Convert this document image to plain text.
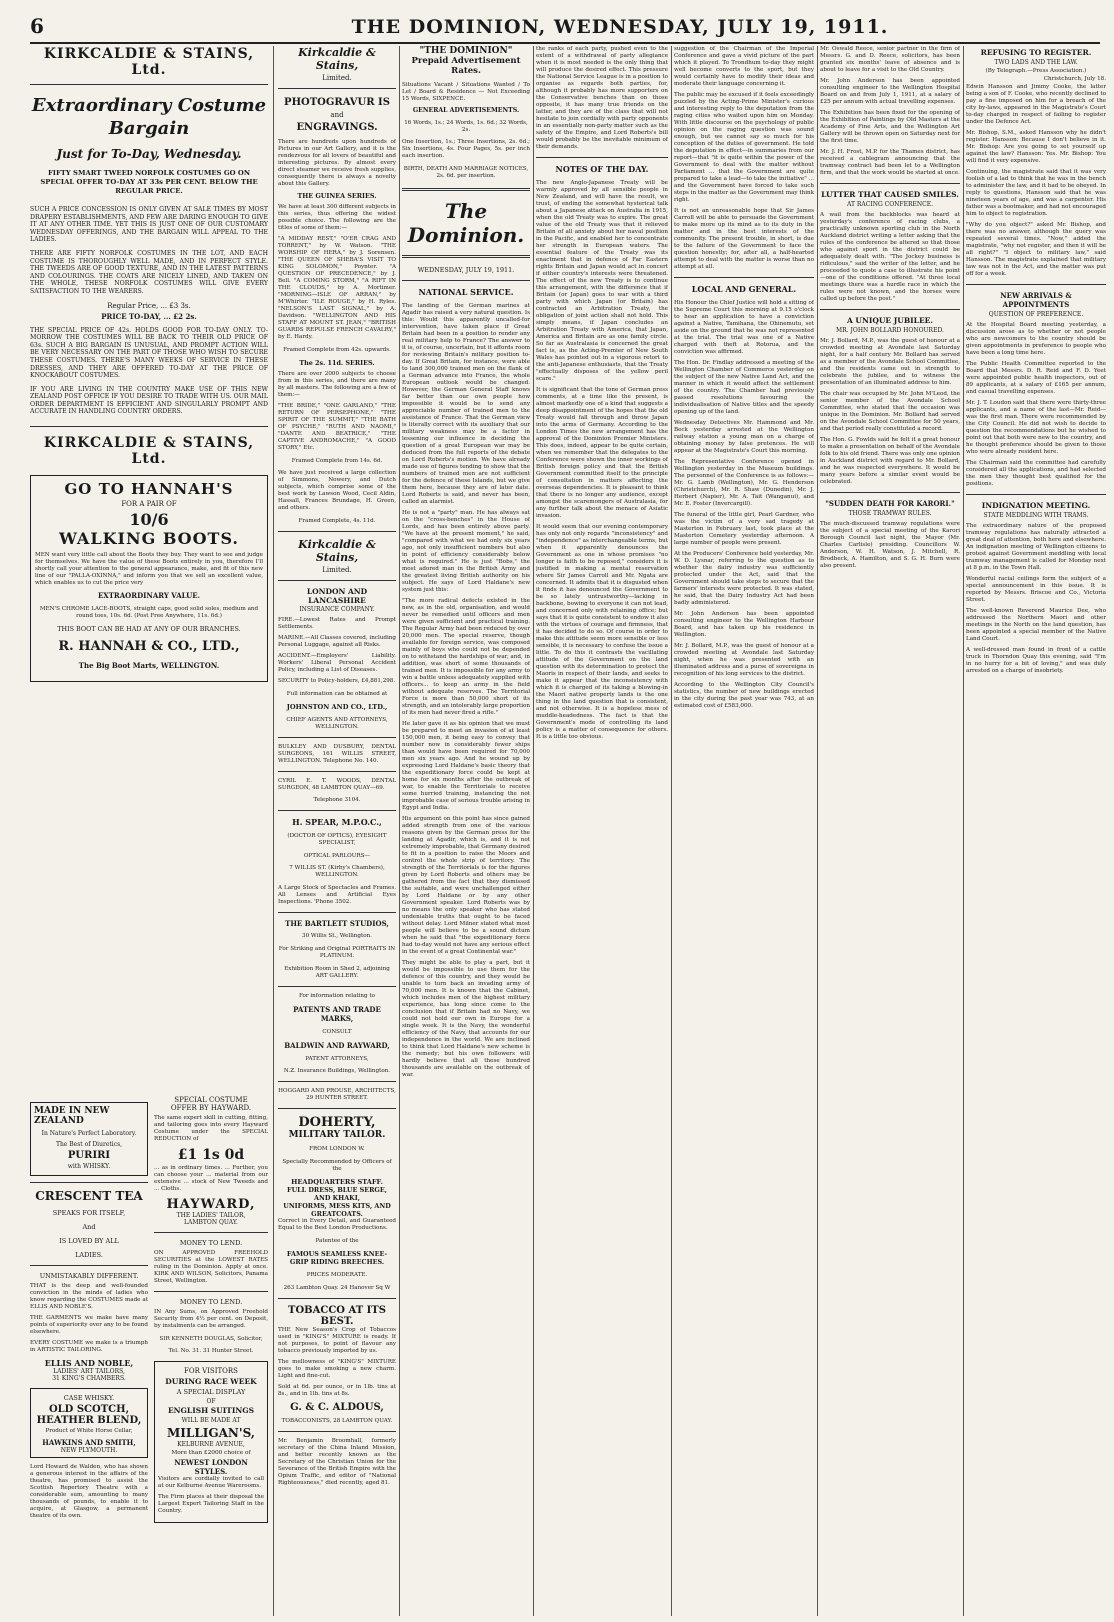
6	THE DOMINION, WEDNESDAY, JULY 19, 1911.

KIRKCALDIE & STAINS, Ltd.

Extraordinary Costume

Bargain

Just for To-Day, Wednesday.

FIFTY SMART TWEED NORFOLK COSTUMES GO ON SPECIAL OFFER TO-DAY AT 33s PER CENT. BELOW THE REGULAR PRICE.

SUCH A PRICE CONCESSION IS ONLY GIVEN AT SALE TIMES BY MOST DRAPERY ESTABLISHMENTS, AND FEW ARE DARING ENOUGH TO GIVE IT AT ANY OTHER TIME. YET THIS IS JUST ONE OF OUR CUSTOMARY WEDNESDAY OFFERINGS, AND THE BARGAIN WILL APPEAL TO THE LADIES.

THERE ARE FIFTY NORFOLK COSTUMES IN THE LOT, AND EACH COSTUME IS THOROUGHLY WELL MADE, AND IN PERFECT STYLE. THE TWEEDS ARE OF GOOD TEXTURE, AND IN THE LATEST PATTERNS AND COLOURINGS. THE COATS ARE NICELY LINED, AND TAKEN ON THE WHOLE, THESE NORFOLK COSTUMES WILL GIVE EVERY SATISFACTION TO THE WEARERS.

Regular Price, ... £3 3s.

PRICE TO-DAY, ... £2 2s.

THE SPECIAL PRICE OF 42s. HOLDS GOOD FOR TO-DAY ONLY. TO-MORROW THE COSTUMES WILL BE BACK TO THEIR OLD PRICE OF 63s. SUCH A BIG BARGAIN IS UNUSUAL, AND PROMPT ACTION WILL BE VERY NECESSARY ON THE PART OF THOSE WHO WISH TO SECURE THESE COSTUMES. THERE'S MANY WEEKS OF SERVICE IN THESE DRESSES, AND THEY ARE OFFERED TO-DAY AT THE PRICE OF KNOCKABOUT COSTUMES.

IF YOU ARE LIVING IN THE COUNTRY MAKE USE OF THIS NEW ZEALAND POST OFFICE IF YOU DESIRE TO TRADE WITH US. OUR MAIL ORDER DEPARTMENT IS EFFICIENT AND SINGULARLY PROMPT AND ACCURATE IN HANDLING COUNTRY ORDERS.

KIRKCALDIE & STAINS, Ltd.

GO TO HANNAH'S

FOR A PAIR OF

10/6

WALKING BOOTS.

MEN want very little call about the Boots they buy. They want to see and judge for themselves. We have the value of these Boots entirely in you, therefore I'll shortly call your attention to the general appearance, make, and fit of this new line of our "PALLA-OXINNA," and inform you that we sell an excellent value, which enables us to cut the price very

EXTRAORDINARY VALUE.

MEN'S CHROME LACE-BOOTS, straight caps, good solid soles, medium and round toes, 10s. 6d. (Post Free Anywhere, 11s. 6d.)

THIS BOOT CAN BE HAD AT ANY OF OUR BRANCHES.

R. HANNAH & CO., LTD.,

The Big Boot Marts, WELLINGTON.

MADE IN NEW ZEALAND

In Nature's Perfect Laboratory.

The Best of Diuretics,

PURIRI

with WHISKY.

CRESCENT TEA

SPEAKS FOR ITSELF,

And

IS LOVED BY ALL

LADIES.

UNMISTAKABLY DIFFERENT.

THAT is the deep and well-founded conviction in the minds of ladies who know regarding the COSTUMES made at ELLIS AND NOBLE'S.

THE GARMENTS we make have many points of superiority over any to be found elsewhere.

EVERY COSTUME we make is a triumph in ARTISTIC TAILORING.

ELLIS AND NOBLE,

LADIES' ART TAILORS,

31 KING'S CHAMBERS.

CASE WHISKY.

OLD SCOTCH,

HEATHER BLEND,

Product of White Horse Cellar,

HAWKINS AND SMITH,

NEW PLYMOUTH.

Lord Howard de Walden, who has shown a generous interest in the affairs of the theatre, has promised to assist the Scottish Repertory Theatre with a considerable sum, amounting to many thousands of pounds, to enable it to acquire, at Glasgow, a permanent theatre of its own.

SPECIAL COSTUME

OFFER BY HAYWARD.

The same expert skill in cutting, fitting, and tailoring goes into every Hayward Costume under the SPECIAL REDUCTION of

£1 1s 0d

... as in ordinary times. ... Further, you can choose your ... material from our extensive ... stock of New Tweeds and ... Cloths.

HAYWARD,

THE LADIES' TAILOR,

LAMBTON QUAY.

MONEY TO LEND.

ON APPROVED FREEHOLD SECURITIES at the LOWEST RATES ruling in the Dominion. Apply at once. KIRK AND WILSON, Solicitors, Panama Street, Wellington.

MONEY TO LEND.

IN Any Sums, on Approved Freehold Security from 4½ per cent. on Deposit, by instalments can be arranged.

SIR KENNETH DOUGLAS, Solicitor,

Tel. No. 31. 31 Hunter Street.

FOR VISITORS

DURING RACE WEEK

A SPECIAL DISPLAY

OF

ENGLISH SUITINGS

WILL BE MADE AT

MILLIGAN'S,

KELBURNE AVENUE,

More than £2000 choice of

NEWEST LONDON STYLES.

Visitors are cordially invited to call at our Kelburne Avenue Warerooms.

The Firm places at their disposal the Largest Expert Tailoring Staff in the Country.

Kirkcaldie & Stains,

Limited.

PHOTOGRAVUR IS

and

ENGRAVINGS.

There are hundreds upon hundreds of Pictures in our Art Gallery, and it is the rendezvous for all lovers of beautiful and interesting pictures. By almost every direct steamer we receive fresh supplies, consequently there is always a novelty about this Gallery.

THE GUINEA SERIES.

We have at least 300 different subjects in this series, thus offering the widest possible choice. The following are the titles of some of them:—

"A MIDDAY REST," "O'ER CRAG AND TORRENT," by W. Watson. "THE WORSHIP OF HERA," by J. Sorensen. "THE QUEEN OF SHEBA'S VISIT TO KING SOLOMON," Poynter. "A QUESTION OF PRECEDENCE," by J. Bell. "A COMING STORM," "A RIFT IN THE CLOUDS," by A. Mortimer. "MORNING—ISLE OF ARRAN," by M'Whirter. "ILE ROUGE," by H. Ryles. "NELSON'S LAST SIGNAL," by A. Davidson. "WELLINGTON AND HIS STAFF AT MOUNT ST. JEAN," "BRITISH GUARDS REPULSE FRENCH CAVALRY," by E. Hardy.

Framed Complete from 42s. upwards.

The 2s. 11d. SERIES.

There are over 2000 subjects to choose from in this series, and there are many by all masters. The following are a few of them:—

"THE BRIDE," "ONE GARLAND," "THE RETURN OF PERSEPHONE," "THE SPIRIT OF THE SUMMIT," "THE BATH OF PSYCHE," "RUTH AND NAOMI," "DANTE AND BEATRICE," "THE CAPTIVE ANDROMACHE," "A GOOD STORY," Etc.

Framed Complete from 14s. 6d.

We have just received a large collection of Simmons, Nowery, and Dutch subjects, which comprise some of the best work by Lawson Wood, Cecil Aldin, Hassall, Frances Brundage, H. Green, and others.

Framed Complete, 4s. 11d.

Kirkcaldie & Stains,

Limited.

LONDON AND LANCASHIRE

INSURANCE COMPANY.

FIRE.—Lowest Rates and Prompt Settlements.

MARINE.—All Classes covered, including Personal Luggage, against all Risks.

ACCIDENT.—Employers' Liability. Workers' Liberal Personal Accident Policy, including a List of Diseases.

SECURITY to Policy-holders, £4,881,298.

Full information can be obtained at

JOHNSTON AND CO., LTD.,

CHIEF AGENTS AND ATTORNEYS, WELLINGTON.

BULKLEY AND DUSBURY, DENTAL SURGEONS, 161 WILLIS STREET, WELLINGTON. Telephone No. 140.

CYRIL E. T. WOODS, DENTAL SURGEON, 48 LAMBTON QUAY—69.

Telephone 3104.

H. SPEAR, M.P.O.C.,

(DOCTOR OF OPTICS), EYESIGHT SPECIALIST,

OPTICAL PARLOURS—

7 WILLIS ST. (Kirby's Chambers), WELLINGTON.

A Large Stock of Spectacles and Frames. All Lenses and Artificial Eyes Inspections. 'Phone 3502.

THE BARTLETT STUDIOS,

30 Willis St., Wellington.

For Striking and Original PORTRAITS IN PLATINUM.

Exhibition Room in Shed 2, adjoining ART GALLERY.

For information relating to

PATENTS AND TRADE MARKS,

CONSULT

BALDWIN AND RAYWARD,

PATENT ATTORNEYS,

N.Z. Insurance Buildings, Wellington.

HOGGARD AND PROUSE, ARCHITECTS, 29 HUNTER STREET.

DOHERTY,

MILITARY TAILOR.

FROM LONDON W.

Specially Recommended by Officers of the

HEADQUARTERS STAFF.

FULL DRESS, BLUE SERGE, AND KHAKI,

UNIFORMS, MESS KITS, AND GREATCOATS.

Correct in Every Detail, and Guaranteed Equal to the Best London Productions.

Patentee of the

FAMOUS SEAMLESS KNEE-GRIP RIDING BREECHES.

PRICES MODERATE.

263 Lambton Quay. 24 Hanover Sq W

TOBACCO AT ITS BEST.

THE New Season's Crop of Tobaccos used in "KING'S" MIXTURE is ready. If not purposes, to point of flavour any tobacco previously imported by us.

The mellowness of "KING'S" MIXTURE goes to make smoking a new charm. Light and fine-cut.

Sold at 6d. per ounce, or in 1lb. tins at 8s., and in 1lb. tins at 8s.

G. & C. ALDOUS,

TOBACCONISTS, 28 LAMBTON QUAY.

Mr. Benjamin Broomhall, formerly secretary of the China Inland Mission, and better recently known as the Secretary of the Christian Union for the Severance of the British Empire with the Opium Traffic, and editor of "National Righteousness," died recently, aged 81.

"THE DOMINION"

Prepaid Advertisement Rates.

Situations Vacant / Situations Wanted / To Let / Board & Residence — Not Exceeding 15 Words, SIXPENCE.

GENERAL ADVERTISEMENTS.

16 Words, 1s.; 24 Words, 1s. 6d.; 32 Words, 2s.

One Insertion, 1s.; Three Insertions, 2s. 6d.; Six Insertions, 4s. Four Pages, 5s. per inch each insertion.

BIRTH, DEATH AND MARRIAGE NOTICES, 2s. 6d. per insertion.

The Dominion.

WEDNESDAY, JULY 19, 1911.

NATIONAL SERVICE.

The landing of the German marines at Agadir has raised a very natural question. Is this: Would this apparently uncalled-for intervention, have taken place if Great Britain had been in a position to render any real military help to France? The answer to it is, of course, uncertain, but it affords room for reviewing Britain's military position to-day. If Great Britain, for instance, were able to land 300,000 trained men on the flank of a German advance into France, the whole European outlook would be changed. However, the German General Staff knows far better than our own people how impossible it would be to send any appreciable number of trained men to the assistance of France. That the German view is literally correct with its auxiliary that our military weakness may be a factor in lessening our influence in deciding the question of a great European war may be deduced from the full reports of the debate on Lord Roberts's motion. We have already made use of figures tending to show that the numbers of trained men are not sufficient for the defence of these Islands, but we give them here, because they are of later date. Lord Roberts is said, and never has been, called an alarmist.

He is not a "party" man. He has always sat on the "cross-benches" in the House of Lords, and has been entirely above party. "We have at the present moment," he said, "compared with what we had only six years ago, not only insufficient numbers but also in point of efficiency considerably below what is required." He is just "Bobs," the most adored man in the British Army and the greatest living British authority on his subject. He says of Lord Haldane's new system just this:

"The more radical defects existed in the new, as in the old, organisation, and would never be remedied until officers and men were given sufficient and practical training. The Regular Army had been reduced by over 20,000 men. The special reserve, though available for foreign service, was composed mainly of boys who could not be depended on to withstand the hardships of war, and, in addition, was short of some thousands of trained men. It is impossible for any army to win a battle unless adequately supplied with officers... to keep an army in the field without adequate reserves. The Territorial Force is more than 50,000 short of its strength, and an intolerably large proportion of its men had never fired a rifle."

He later gave it as his opinion that we must be prepared to meet an invasion of at least 150,000 men, it being easy to convey that number now in considerably fewer ships than would have been required for 70,000 men six years ago. And he wound up by expressing Lord Haldane's basic theory that the expeditionary force could be kept at home for six months after the outbreak of war, to enable the Territorials to receive some hurried training, instancing the not improbable case of serious trouble arising in Egypt and India.

His argument on this point has since gained added strength from one of the various reasons given by the German press for the landing at Agadir, which is, and it is not extremely improbable, that Germany desired to fit in a position to raise the Moors and control the whole strip of territory. The strength of the Territorials is for the figures given by Lord Roberts and others may be gathered from the fact that they dismissed the suitable, and were unchallenged either by Lord Haldane or by any other Government speaker. Lord Roberts was by no means the only speaker who has stated undeniable truths that ought to be faced without delay. Lord Milner stated what most people will believe to be a sound dictum when he said that "the expeditionary force had to-day would not have any serious effect in the event of a great Continental war."

They might be able to play a part, but it would be impossible to use them for the defence of this country, and they would be unable to turn back an invading army of 70,000 men. It is known that the Cabinet, which includes men of the highest military experience, has long since come to the conclusion that if Britain had no Navy, we could not hold our own in Europe for a single week. It is the Navy, the wonderful efficiency of the Navy, that accounts for our independence in the world. We are inclined to think that Lord Haldane's new scheme is the remedy; but his own followers will hardly believe that all these hundred thousands are available on the outbreak of war.

the ranks of each party, pushed even to the extent of a withdrawal of party allegiance when it is most needed is the only thing that will produce the desired effect. This pressure the National Service League is in a position to organise as regards both parties, for, although it probably has more supporters on the Conservative benches than on those opposite, it has many true friends on the latter, and they are of the class that will not hesitate to join cordially with party opponents in an essentially non-party matter such as the safety of the Empire, and Lord Roberts's bill would probably be the inevitable minimum of their demands.

NOTES OF THE DAY.

The new Anglo-Japanese Treaty will be warmly approved by all sensible people in New Zealand, and will have the result, we trust, of ending the somewhat hysterical talk about a Japanese attack on Australia in 1915, when the old Treaty was to expire. The great value of the old Treaty was that it relieved Britain of all anxiety about her naval position in the Pacific, and enabled her to concentrate her strength in European waters. The essential feature of the Treaty was its enactment that in defence of Far Eastern rights Britain and Japan would act in concert if either country's interests were threatened. The effect of the new Treaty is to continue this arrangement, with the difference that if Britain (or Japan) goes to war with a third party with which Japan (or Britain) has contracted an Arbitration Treaty, the obligation of joint action shall not hold. This simply means, if Japan concludes an Arbitration Treaty with America, that Japan, America and Britain are as one family circle. So far as Australasia is concerned the great fact is, as the Acting-Premier of New South Wales has pointed out in a vigorous retort to the anti-Japanese enthusiasts, that the Treaty "effectually disposes of the yellow peril scare."

It is significant that the tone of German press comments, at a time like the present, is almost markedly one of a kind that suggests a deep disappointment of the hopes that the old Treaty would fall through and throw Japan into the arms of Germany. According to the London Times the new arrangement has the approval of the Dominion Premier Ministers. This does, indeed, appear to be quite certain, when we remember that the delegates to the Conference were shown the inner workings of British foreign policy and that the British Government committed itself to the principle of consultation in matters affecting the overseas dependencies. It is pleasant to think that there is no longer any audience, except amongst the scaremongers of Australasia, for any further talk about the menace of Asiatic invasion.

It would seem that our evening contemporary has only not only regards "inconsistency" and "independence" as interchangeable terms, but when it apparently denounces the Government as one in whose promises "no longer is faith to be reposed," considers it is justified in making a mental reservation where Sir James Carroll and Mr. Ngata are concerned. It admits that it is disgusted when it finds it has denounced the Government to be so lately untrustworthy—lacking in backbone, bowing to everyone it can not lead, and concerned only with retaining office; but says that it is quite consistent to endow it also with the virtues of courage and firmness, that it has decided to do so. Of course in order to make this attitude seem more sensible or less sensible, it is necessary to confuse the issue a little. To do this it contrasts the vacillating attitude of the Government on the land question with its determination to protect the Maoris in respect of their lands, and seeks to make it appear that the inconsistency with which it is charged of its taking a blowing-in the Maori native property lands is the one thing in the land question that is consistent, and not otherwise. It is a hopeless mess of muddle-headedness. The fact is that the Government's mode of controlling its land policy is a matter of consequence for others. It is a little too obvious.

suggestion of the Chairman of the Imperial Conference and gave a vivid picture of the part which it played. To Trondhum to-day they might well become converts to the sport, but they would certainly have to modify their ideas and moderate their language concerning it.

The public may be excused if it feels exceedingly puzzled by the Acting-Prime Minister's curious and interesting reply to the deputation from the raging cities who waited upon him on Monday. With little discourse on the psychology of public opinion on the raging question was sound enough, but we cannot say so much for his conception of the duties of government. He told the deputation in effect—in summaries from our report—that "it is quite within the power of the Government to deal with the matter without Parliament ... that the Government are quite prepared to take a lead—to take the initiative" ... and the Government have forced to take such steps in the matter as the Government may think right.

It is not an unreasonable hope that Sir James Carroll will be able to persuade the Government to make more up its mind as to its duty in the matter and in the best interests of the community. The present trouble, in short, is due to the failure of the Government to face the question honestly; for, after all, a half-hearted attempt to deal with the matter is worse than no attempt at all.

LOCAL AND GENERAL.

His Honour the Chief Justice will hold a sitting of the Supreme Court this morning at 9.15 o'clock to hear an application to have a conviction against a Native, Tamihana, the Ohinemutu, set aside on the ground that he was not represented at the trial. The trial was one of a Native charged with theft at Rotorua, and the conviction was affirmed.

The Hon. Dr. Findlay addressed a meeting of the Wellington Chamber of Commerce yesterday on the subject of the new Native Land Act, and the manner in which it would affect the settlement of the country. The Chamber had previously passed resolutions favouring the individualisation of Native titles and the speedy opening up of the land.

Wednesday Detectives Mr. Hammond and Mr. Beck yesterday arrested at the Wellington railway station a young man on a charge of obtaining money by false pretences. He will appear at the Magistrate's Court this morning.

The Representative Conference opened in Wellington yesterday in the Museum buildings. The personnel of the Conference is as follows:—Mr. G. Lamb (Wellington), Mr. G. Henderson (Christchurch), Mr. R. Shaw (Dunedin), Mr. J. Herbert (Napier), Mr. A. Tait (Wanganui), and Mr. E. Foster (Invercargill).

The funeral of the little girl, Pearl Gardner, who was the victim of a very sad tragedy at Masterton in February last, took place at the Masterton Cemetery yesterday afternoon. A large number of people were present.

At the Producers' Conference held yesterday, Mr. W. D. Lysnar, referring to the question as to whether the dairy industry was sufficiently protected under the Act, said that the Government should take steps to secure that the farmers' interests were protected. It was stated, he said, that the Dairy Industry Act had been badly administered.

Mr. John Anderson has been appointed consulting engineer to the Wellington Harbour Board, and has taken up his residence in Wellington.

Mr. J. Bollard, M.P., was the guest of honour at a crowded meeting at Avondale last Saturday night, when he was presented with an illuminated address and a purse of sovereigns in recognition of his long services to the district.

According to the Wellington City Council's statistics, the number of new buildings erected in the city during the past year was 743, at an estimated cost of £583,000.

Mr. Oswald Reece, senior partner in the firm of Messrs. G. and D. Reece, solicitors, has been granted six months' leave of absence and is about to leave for a visit to the Old Country.

Mr. John Anderson has been appointed consulting engineer to the Wellington Hospital Board on and from July 1, 1911, at a salary of £25 per annum with actual travelling expenses.

The Exhibition has been fixed for the opening of the Exhibition of Paintings by Old Masters at the Academy of Fine Arts, and the Wellington Art Gallery will be thrown open on Saturday next for the first time.

Mr. J. H. Frost, M.P. for the Thames district, has received a cablegram announcing that the tramway contract had been let to a Wellington firm, and that the work would be started at once.

LUTTER THAT CAUSED SMILES.

AT RACING CONFERENCE.

A wail from the backblocks was heard at yesterday's conference of racing clubs, a practically unknown sporting club in the North Auckland district writing a letter asking that the rules of the conference be altered so that those who against sport in the district could be adequately dealt with. "The Jockey business is ridiculous," said the writer of the letter, and he proceeded to quote a case to illustrate his point—one of the conditions offered. "At three local meetings there was a hurdle race in which the rules were not known, and the horses were called up before the post."

A UNIQUE JUBILEE.

MR. JOHN BOLLARD HONOURED.

Mr. J. Bollard, M.P., was the guest of honour at a crowded meeting at Avondale last Saturday night, for a half century Mr. Bollard has served as a member of the Avondale School Committee, and the residents came out in strength to celebrate the jubilee, and to witness the presentation of an illuminated address to him.

The chair was occupied by Mr. John M'Leod, the senior member of the Avondale School Committee, who stated that the occasion was unique in the Dominion. Mr. Bollard had served on the Avondale School Committee for 50 years, and that period really constituted a record.

The Hon. G. Fowlds said he felt it a great honour to make a presentation on behalf of the Avondale folk to his old friend. There was only one opinion in Auckland district with regard to Mr. Bollard, and he was respected everywhere. It would be many years before a similar event would be celebrated.

"SUDDEN DEATH FOR KARORI."

THOSE TRAMWAY RULES.

The much-discussed tramway regulations were the subject of a special meeting of the Karori Borough Council last night, the Mayor (Mr. Charles Carlisle) presiding. Councillors W. Anderson, W. H. Watson, J. Mitchell, R. Brodbeck, A. Hamilton, and S. G. H. Burn were also present.

REFUSING TO REGISTER.

TWO LADS AND THE LAW.

(By Telegraph.—Press Association.)

Christchurch, July 18.

Edwin Hansson and Jimmy Cooke, the latter being a son of F. Cooke, who recently declined to pay a fine imposed on him for a breach of the city by-laws, appeared in the Magistrate's Court to-day charged in respect of failing to register under the Defence Act.

Mr. Bishop, S.M., asked Hansson why he didn't register. Hansson: Because I don't believe in it. Mr. Bishop: Are you going to set yourself up against the law? Hansson: Yes. Mr. Bishop: You will find it very expensive.

Continuing, the magistrate said that it was very foolish of a lad to think that he was in the bench to administer the law, and it had to be obeyed. In reply to questions, Hansson said that he was nineteen years of age, and was a carpenter. His father was a bootmaker, and had not encouraged him to object to registration.

"Why do you object?" asked Mr. Bishop, and there was no answer, although the query was repeated several times. "Now," added the magistrate, "why not register, and then it will be all right?" "I object to military law," said Hansson. The magistrate explained that military law was not in the Act, and the matter was put off for a week.

NEW ARRIVALS & APPOINTMENTS

QUESTION OF PREFERENCE.

At the Hospital Board meeting yesterday, a discussion arose as to whether or not people who are newcomers to the country should be given appointments in preference to people who have been a long time here.

The Public Health Committee reported to the Board that Messrs. D. R. Reid and F. D. Yeet were appointed public health inspectors, out of 89 applicants, at a salary of £165 per annum, and casual travelling expenses.

Mr. J. T. Loudon said that there were thirty-three applicants, and a name of the last—Mr. Reid—was the first man. There were recommended by the City Council. He did not wish to decide to question the recommendations but he wished to point out that both were new to the country, and he thought preference should be given to those who were already resident here.

The Chairman said the committee had carefully considered all the applications, and had selected the men they thought best qualified for the positions.

INDIGNATION MEETING.

STATE MEDDLING WITH TRAMS.

The extraordinary nature of the proposed tramway regulations has naturally attracted a great deal of attention, both here and elsewhere. An indignation meeting of Wellington citizens to protest against Government meddling with local tramway management is called for Monday next at 8 p.m. in the Town Hall.

Wonderful racial ceilings form the subject of a special announcement in this issue. It is reported by Messrs. Briscoe and Co., Victoria Street.

The well-known Reverend Maurice Dee, who addressed the Northern Maori and other meetings in the North on the land question, has been appointed a special member of the Native Land Court.

A well-dressed man found in front of a cattle truck in Thorndon Quay this evening, said "I'm in no hurry for a bit of loving," and was duly arrested on a charge of insobriety.
